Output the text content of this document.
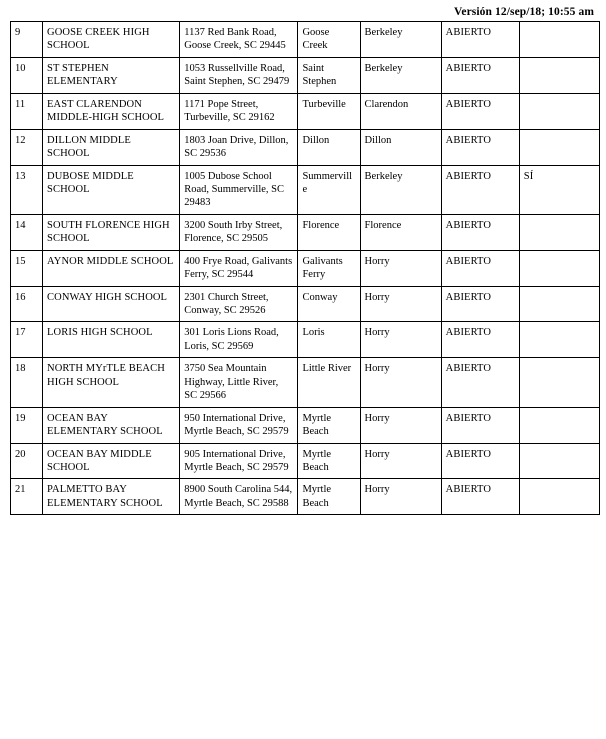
Versión 12/sep/18; 10:55 am
9	GOOSE CREEK HIGH SCHOOL	1137 Red Bank Road, Goose Creek, SC 29445	Goose Creek	Berkeley	ABIERTO	
10	ST STEPHEN ELEMENTARY	1053 Russellville Road, Saint Stephen, SC 29479	Saint Stephen	Berkeley	ABIERTO	
11	EAST CLARENDON MIDDLE-HIGH SCHOOL	1171 Pope Street, Turbeville, SC 29162	Turbeville	Clarendon	ABIERTO	
12	DILLON MIDDLE SCHOOL	1803 Joan Drive, Dillon, SC 29536	Dillon	Dillon	ABIERTO	
13	DUBOSE MIDDLE SCHOOL	1005 Dubose School Road, Summerville, SC 29483	Summerville	Berkeley	ABIERTO	SÍ
14	SOUTH FLORENCE HIGH SCHOOL	3200 South Irby Street, Florence, SC 29505	Florence	Florence	ABIERTO	
15	AYNOR MIDDLE SCHOOL	400 Frye Road, Galivants Ferry, SC 29544	Galivants Ferry	Horry	ABIERTO	
16	CONWAY HIGH SCHOOL	2301 Church Street, Conway, SC 29526	Conway	Horry	ABIERTO	
17	LORIS HIGH SCHOOL	301 Loris Lions Road, Loris, SC 29569	Loris	Horry	ABIERTO	
18	NORTH MYrTLE BEACH HIGH SCHOOL	3750 Sea Mountain Highway, Little River, SC 29566	Little River	Horry	ABIERTO	
19	OCEAN BAY ELEMENTARY SCHOOL	950 International Drive, Myrtle Beach, SC 29579	Myrtle Beach	Horry	ABIERTO	
20	OCEAN BAY MIDDLE SCHOOL	905 International Drive, Myrtle Beach, SC 29579	Myrtle Beach	Horry	ABIERTO	
21	PALMETTO BAY ELEMENTARY SCHOOL	8900 South Carolina 544, Myrtle Beach, SC 29588	Myrtle Beach	Horry	ABIERTO	
